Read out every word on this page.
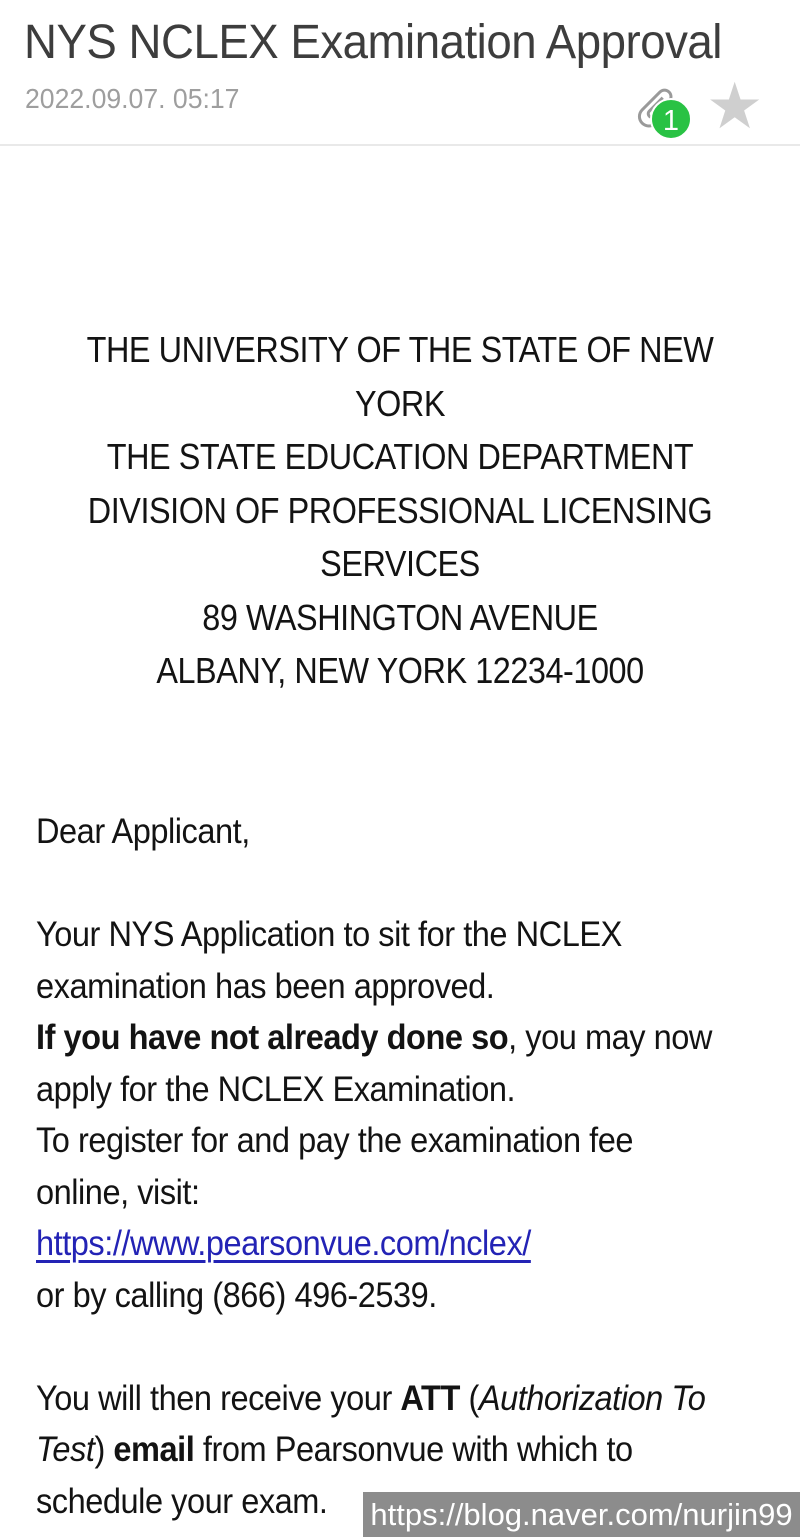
NYS NCLEX Examination Approval
2022.09.07. 05:17
1 ★
THE UNIVERSITY OF THE STATE OF NEW
YORK
THE STATE EDUCATION DEPARTMENT
DIVISION OF PROFESSIONAL LICENSING
SERVICES
89 WASHINGTON AVENUE
ALBANY, NEW YORK 12234-1000
Dear Applicant,
Your NYS Application to sit for the NCLEX
examination has been approved.
If you have not already done so, you may now
apply for the NCLEX Examination.
To register for and pay the examination fee
online, visit:
https://www.pearsonvue.com/nclex/
or by calling (866) 496-2539.
You will then receive your ATT (Authorization To
Test) email from Pearsonvue with which to
schedule your exam.	https://blog.naver.com/nurjin99
